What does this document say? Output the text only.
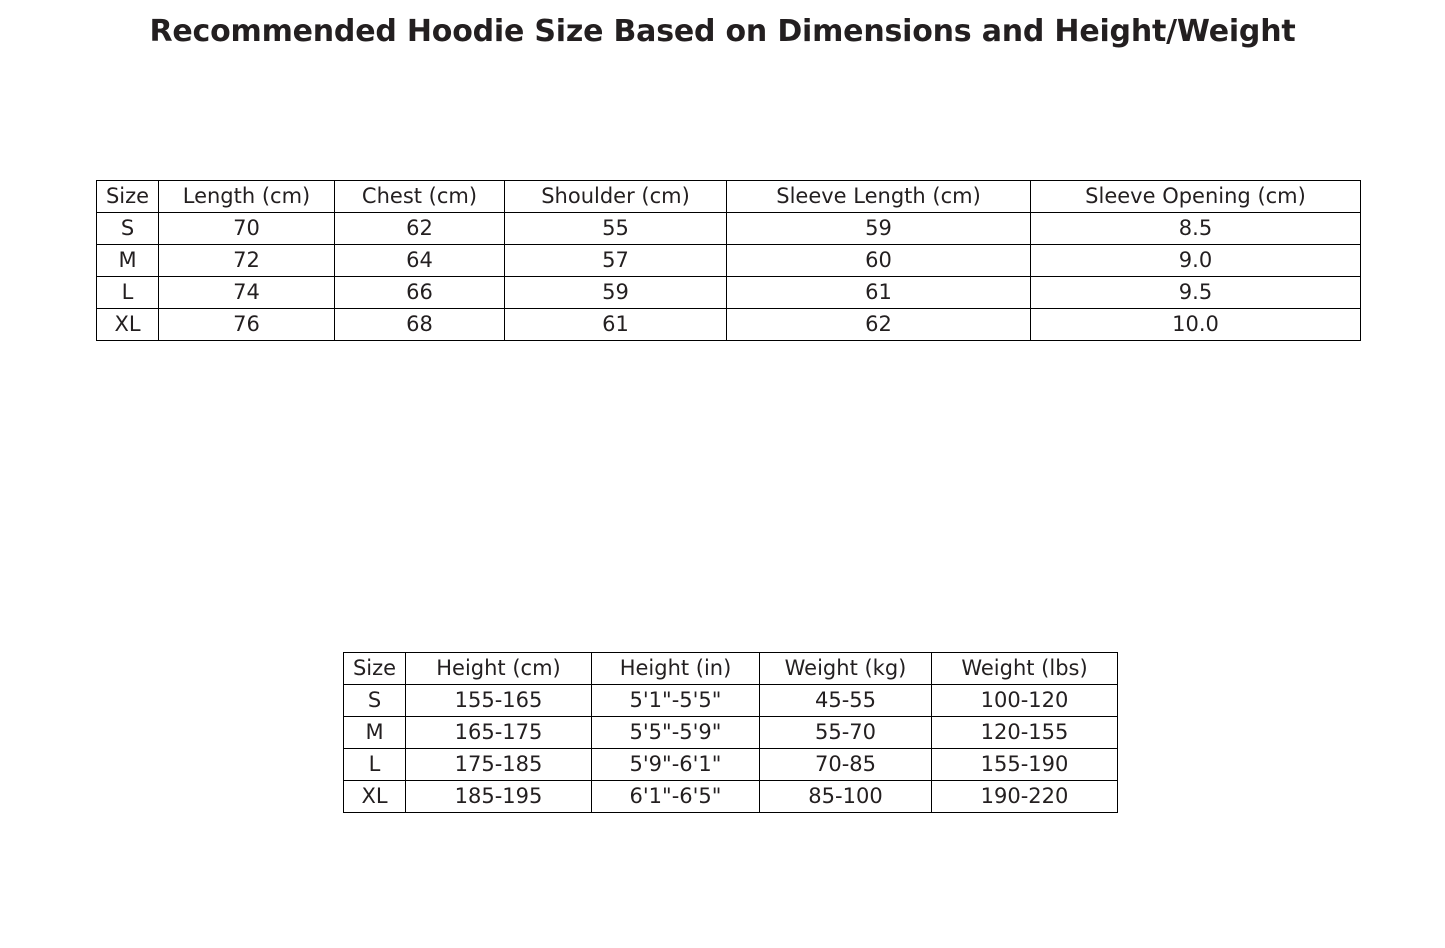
Recommended Hoodie Size Based on Dimensions and Height/Weight
Size	Length (cm)	Chest (cm)	Shoulder (cm)	Sleeve Length (cm)	Sleeve Opening (cm)
S	70	62	55	59	8.5
M	72	64	57	60	9.0
L	74	66	59	61	9.5
XL	76	68	61	62	10.0
Size	Height (cm)	Height (in)	Weight (kg)	Weight (lbs)
S	155-165	5'1"-5'5"	45-55	100-120
M	165-175	5'5"-5'9"	55-70	120-155
L	175-185	5'9"-6'1"	70-85	155-190
XL	185-195	6'1"-6'5"	85-100	190-220
